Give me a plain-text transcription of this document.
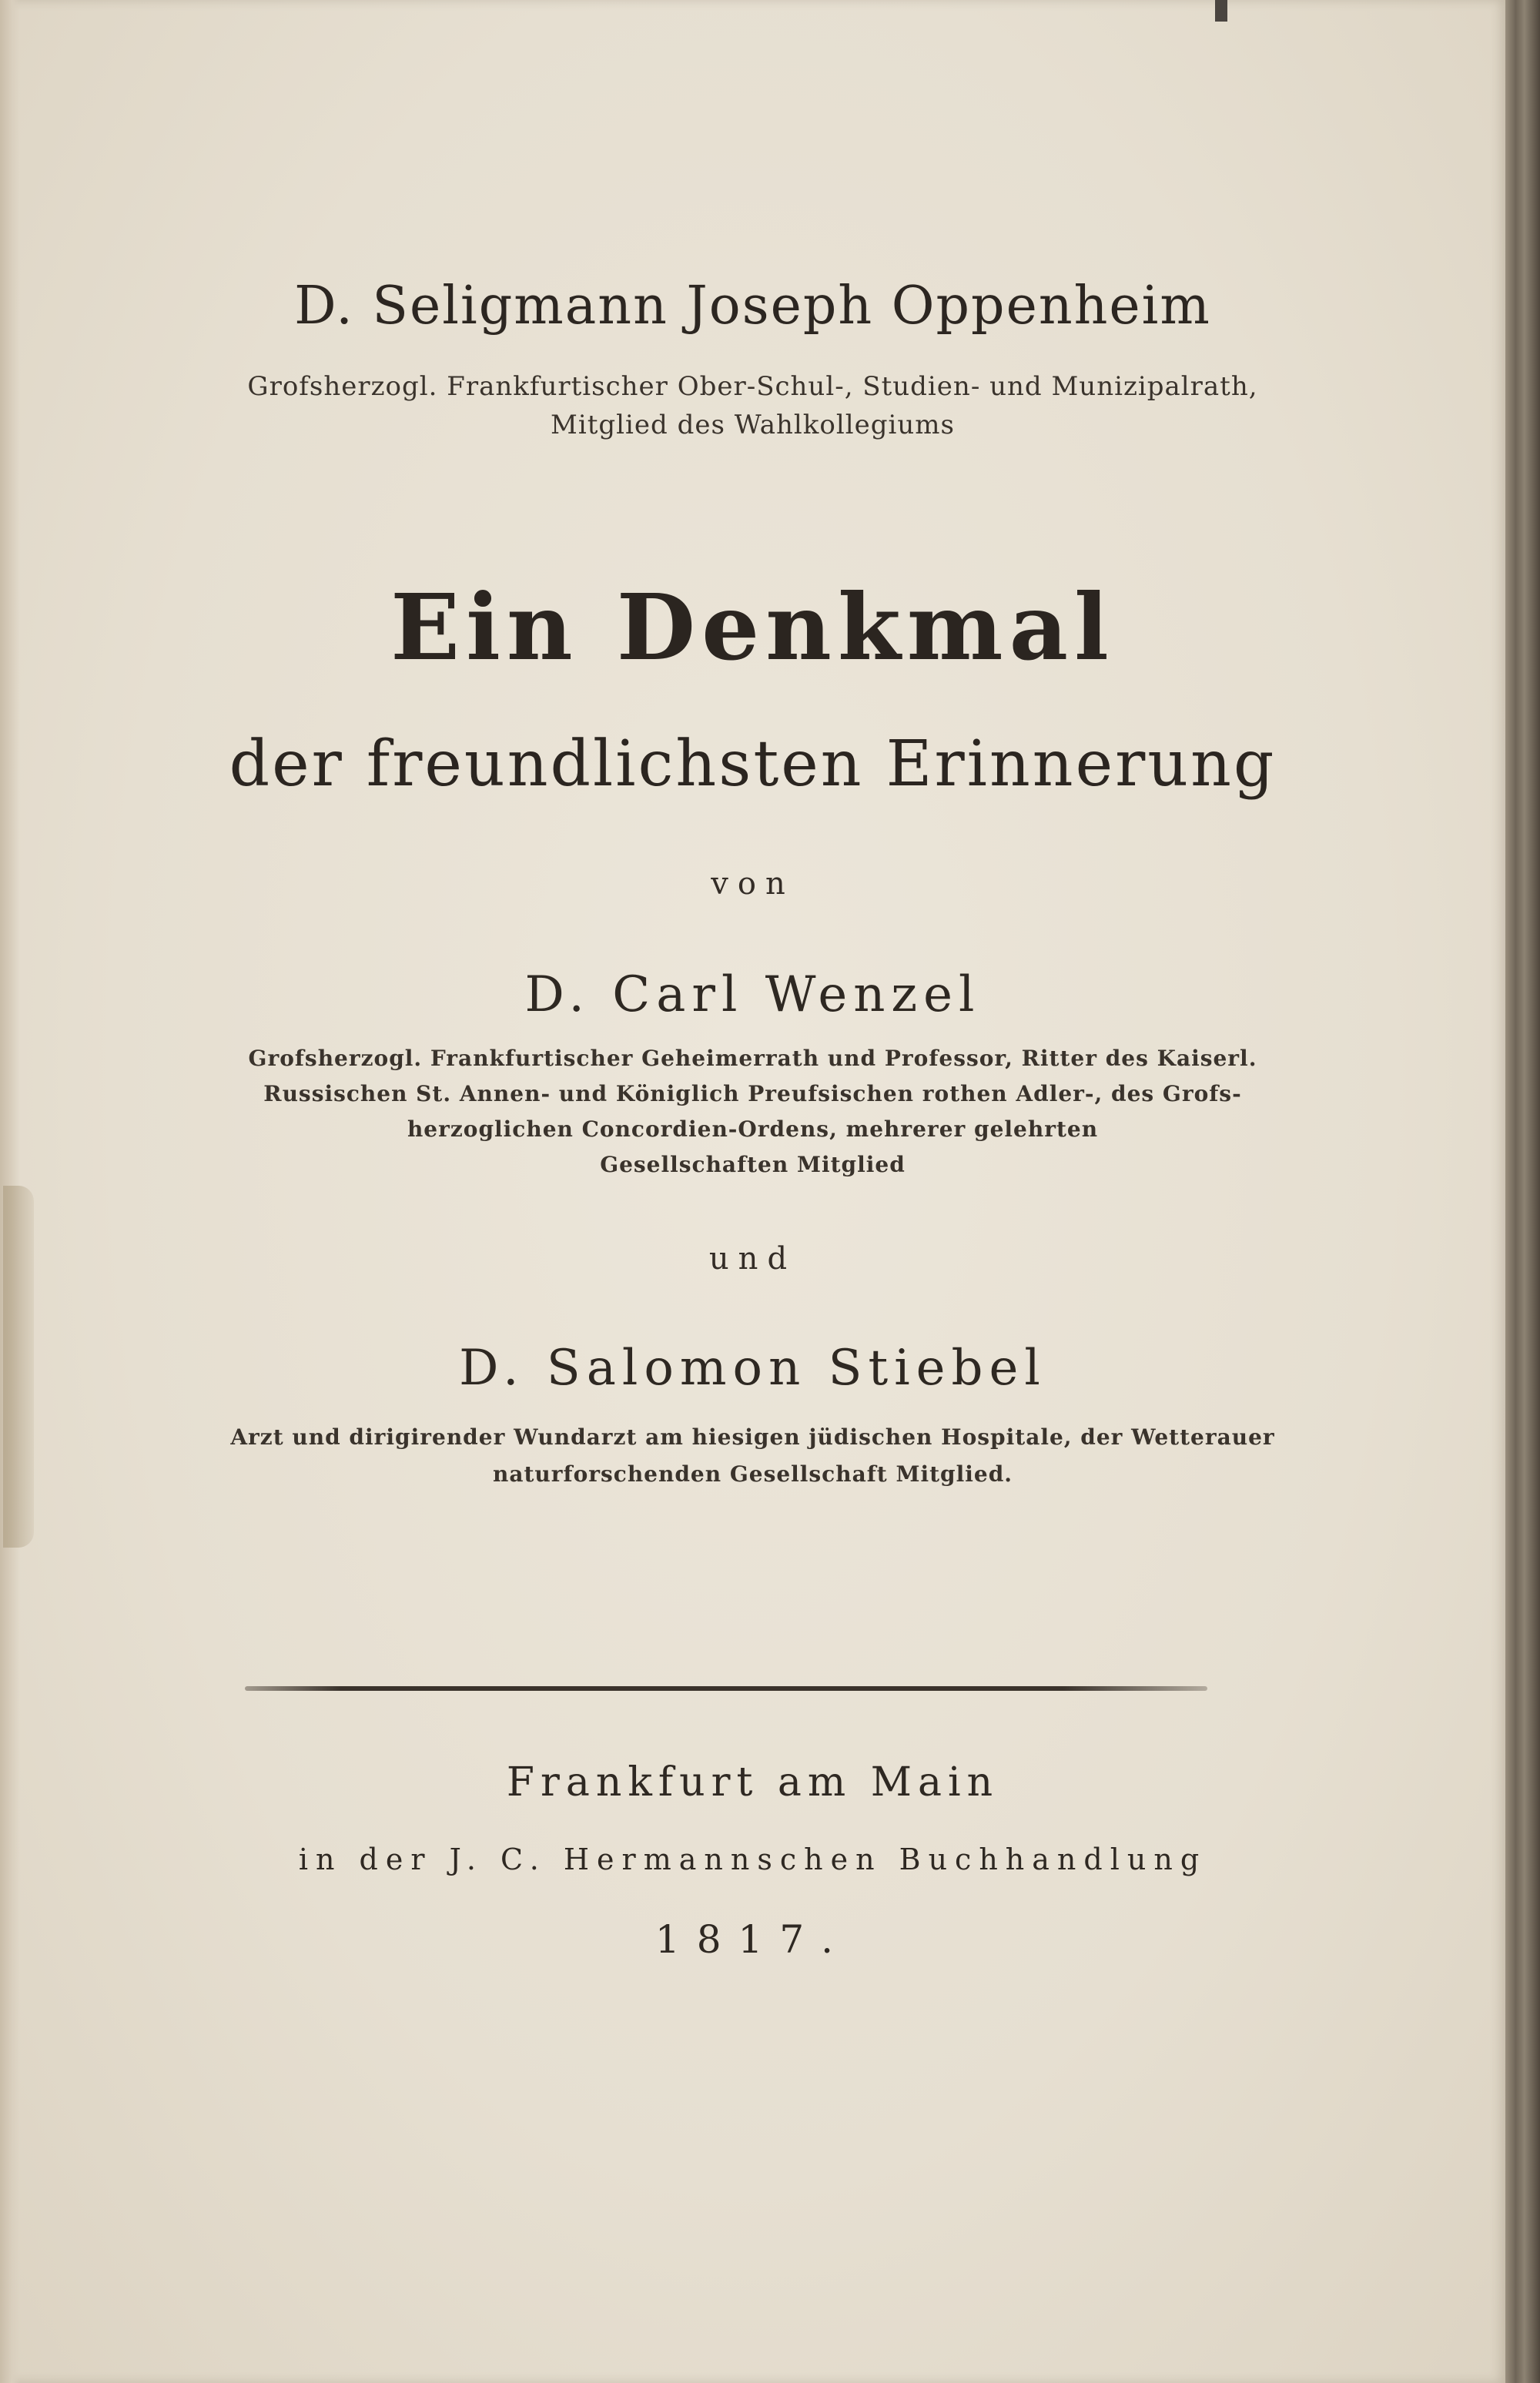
D. Seligmann Joseph Oppenheim
Grofsherzogl. Frankfurtischer Ober-Schul-, Studien- und Munizipalrath,
Mitglied des Wahlkollegiums
Ein Denkmal
der freundlichsten Erinnerung
von
D. Carl Wenzel
Grofsherzogl. Frankfurtischer Geheimerrath und Professor, Ritter des Kaiserl.
Russischen St. Annen- und Königlich Preufsischen rothen Adler-, des Grofs-
herzoglichen Concordien-Ordens, mehrerer gelehrten
Gesellschaften Mitglied
und
D. Salomon Stiebel
Arzt und dirigirender Wundarzt am hiesigen jüdischen Hospitale, der Wetterauer
naturforschenden Gesellschaft Mitglied.
Frankfurt am Main
in der J. C. Hermannschen Buchhandlung
1817.
